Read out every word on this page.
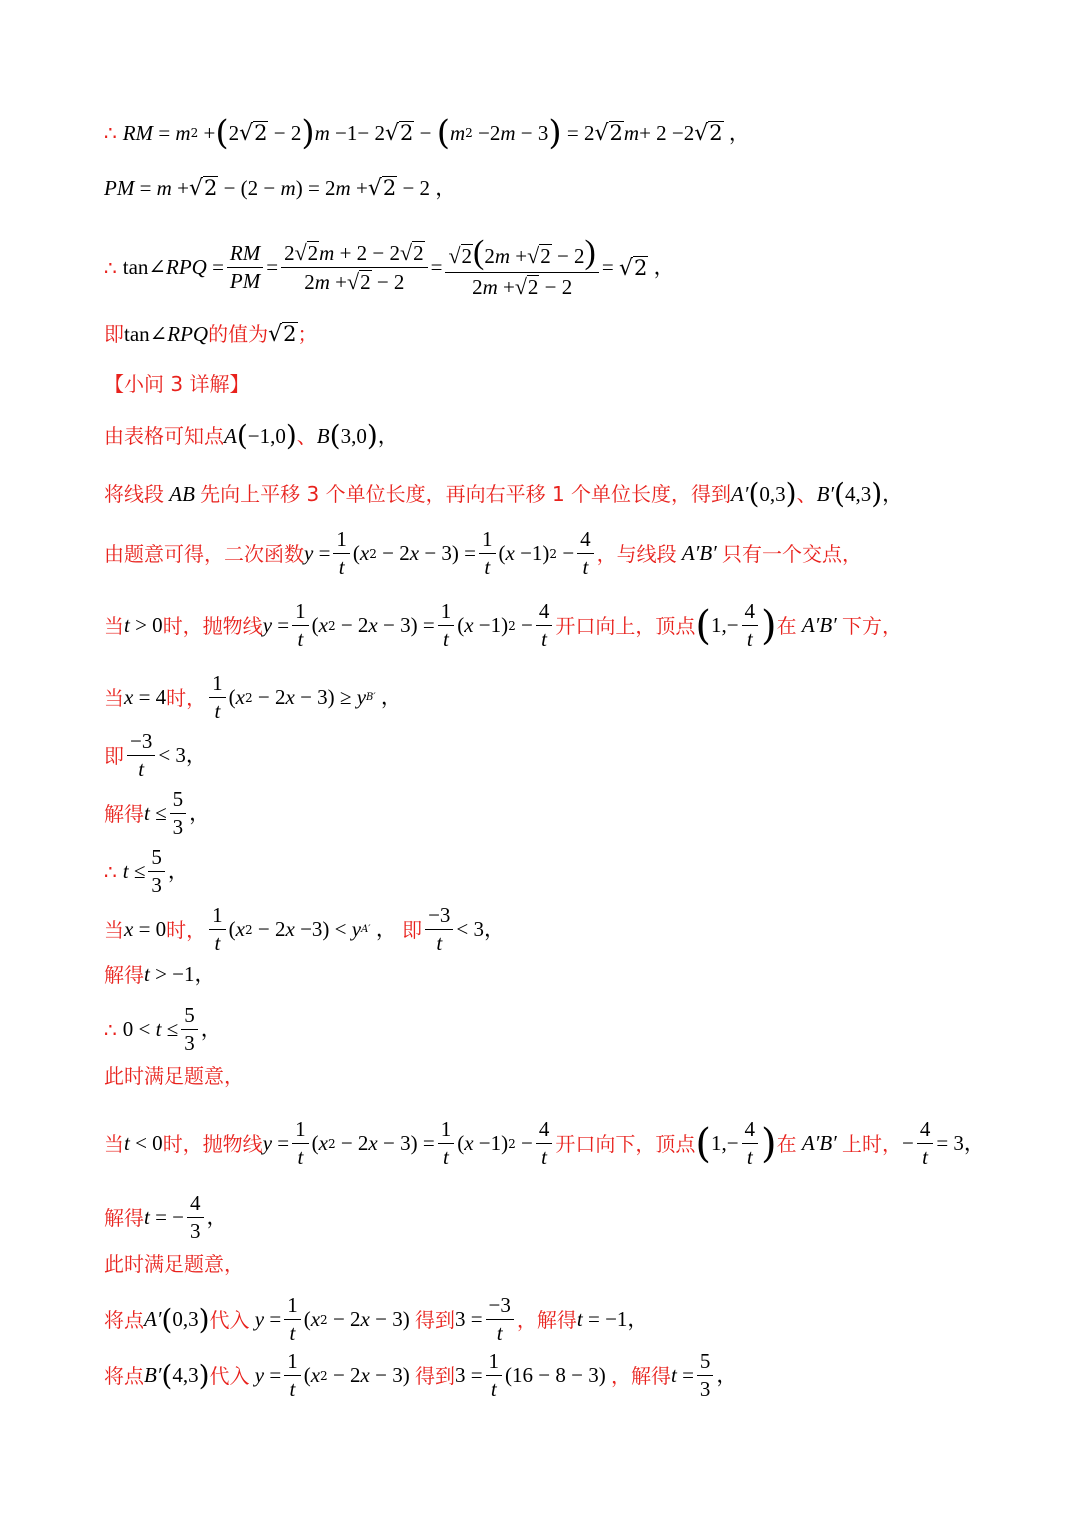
∴ RM = m 2 + ( 2 √ 2 − 2 ) m −1− 2 √ 2 − ( m 2 −2 m − 3 ) = 2 √ 2 m + 2 −2 √ 2 ，
PM = m + √ 2 − (2 − m ) = 2 m + √ 2 − 2 ，
∴ tan∠ RPQ = $\frac{RM}{PM} = \frac{2 √ 2 m + 2 - 2 √ 2}{2m + √ 2 - 2} = \frac{√ 2 (2m + √ 2 - 2)}{2m + √ 2 - 2}$ = √ 2 ，
即 tan∠ RPQ 的值为 √ 2 ；
【小问 3 详解】
由表格可知点 A ( −1,0 ) 、 B ( 3,0 ) ，
将线段 AB 先向上平移 3 个单位长度，再向右平移 1 个单位长度，得到 A′ ( 0,3 ) 、 B′ ( 4,3 ) ，
由题意可得，二次函数 $y = \frac{1}{t}$ ( x 2 − 2 $x - 3) = \frac{1}{t}$ ( x −1) $2 - \frac{4}{t}$ ，与线段 A′B′ 只有一个交点，
当 t > 0 时，抛物线 $y = \frac{1}{t}$ ( x 2 − 2 $x - 3) = \frac{1}{t}$ ( x −1) $2 - \frac{4}{t}$ 开口向上，顶点 ( $1,- \frac{4}{t}$ ) 在 A′B′ 下方，
当 x = 4 时， $\frac{1}{t}$ ( x 2 − 2 x − 3) ≥ y B′ ，
即 $\frac{-3}{t} < 3$，
解得 $t \le \frac{5}{3}$ ，
∴ $t \le \frac{5}{3}$ ，
当 x = 0 时， $\frac{1}{t}$ ( x 2 − 2 x −3) < y A′ ， 即 $\frac{-3}{t} < 3$，
解得 t > −1，
∴ $0 < t \le \frac{5}{3}$ ，
此时满足题意，
当 t < 0 时，抛物线 $y = \frac{1}{t}$ ( x 2 − 2 $x - 3) = \frac{1}{t}$ ( x −1) $2 - \frac{4}{t}$ 开口向下，顶点 ( $1,- \frac{4}{t}$ ) 在 A′B′ 上时， − $\frac{4}{t} = 3$，
解得 t = − $\frac{4}{3}$ ，
此时满足题意，
将点 A′ ( 0,3 ) 代入 $y = \frac{1}{t}$ ( x 2 − 2 x − 3) 得到 $3 = \frac{-3}{t}$ ，解得 t = −1，
将点 B′ ( 4,3 ) 代入 $y = \frac{1}{t}$ ( x 2 − 2 x − 3) 得到 $3 = \frac{1}{t} (16 - 8 - 3)$ ，解得 $t = \frac{5}{3}$ ，
